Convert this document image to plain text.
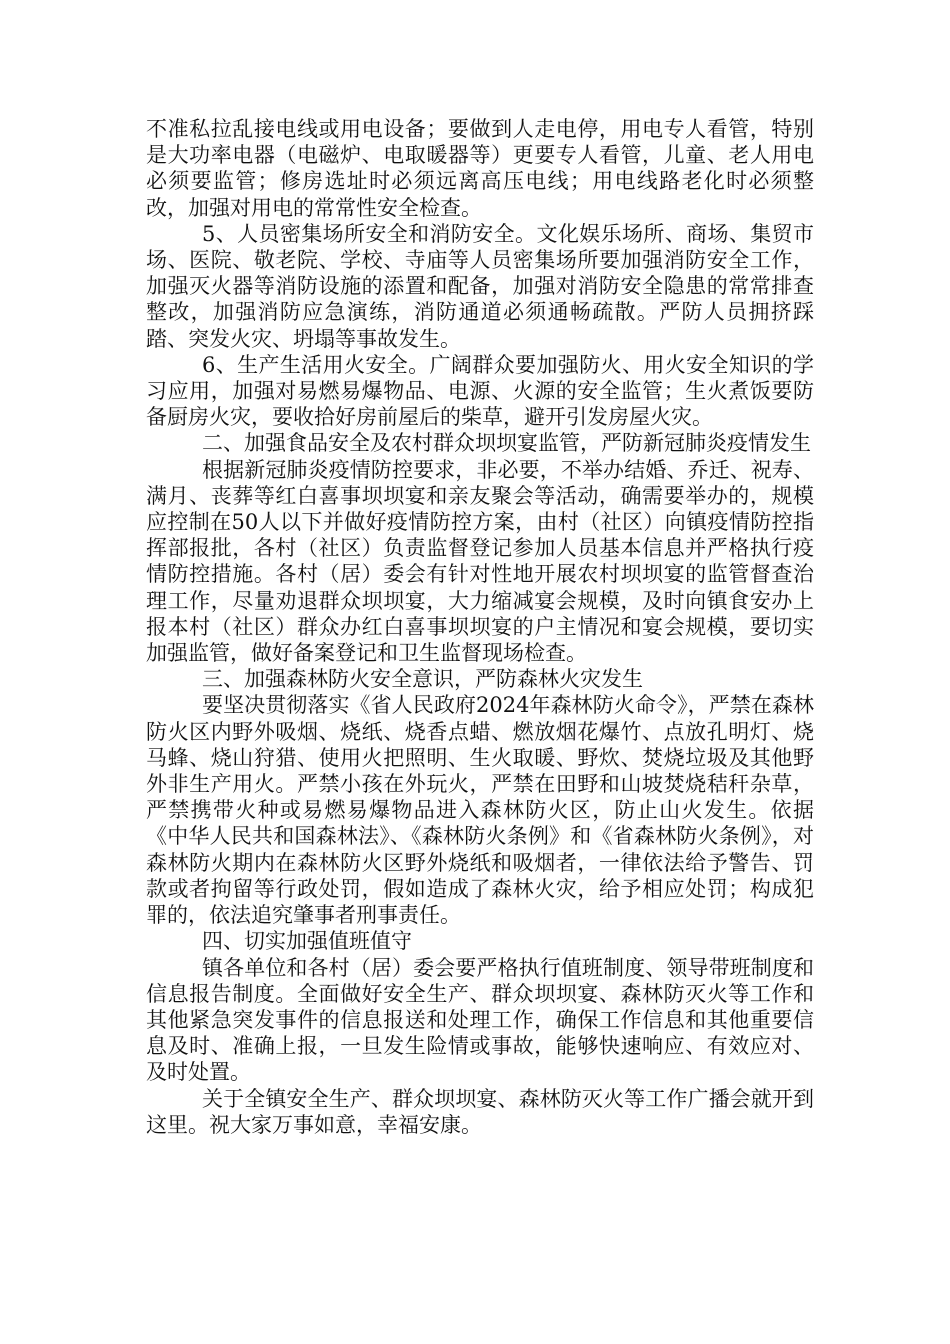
不准私拉乱接电线或用电设备；要做到人走电停，用电专人看管，特别是大功率电器（电磁炉、电取暖器等）更要专人看管，儿童、老人用电必须要监管；修房选址时必须远离高压电线；用电线路老化时必须整改，加强对用电的常常性安全检查。

5、人员密集场所安全和消防安全。文化娱乐场所、商场、集贸市场、医院、敬老院、学校、寺庙等人员密集场所要加强消防安全工作，加强灭火器等消防设施的添置和配备，加强对消防安全隐患的常常排查整改，加强消防应急演练，消防通道必须通畅疏散。严防人员拥挤踩踏、突发火灾、坍塌等事故发生。

6、生产生活用火安全。广阔群众要加强防火、用火安全知识的学习应用，加强对易燃易爆物品、电源、火源的安全监管；生火煮饭要防备厨房火灾，要收拾好房前屋后的柴草，避开引发房屋火灾。

二、加强食品安全及农村群众坝坝宴监管，严防新冠肺炎疫情发生

根据新冠肺炎疫情防控要求，非必要，不举办结婚、乔迁、祝寿、满月、丧葬等红白喜事坝坝宴和亲友聚会等活动，确需要举办的，规模应控制在50人以下并做好疫情防控方案，由村（社区）向镇疫情防控指挥部报批，各村（社区）负责监督登记参加人员基本信息并严格执行疫情防控措施。各村（居）委会有针对性地开展农村坝坝宴的监管督查治理工作，尽量劝退群众坝坝宴，大力缩减宴会规模，及时向镇食安办上报本村（社区）群众办红白喜事坝坝宴的户主情况和宴会规模，要切实加强监管，做好备案登记和卫生监督现场检查。

三、加强森林防火安全意识，严防森林火灾发生

要坚决贯彻落实《省人民政府2024年森林防火命令》，严禁在森林防火区内野外吸烟、烧纸、烧香点蜡、燃放烟花爆竹、点放孔明灯、烧马蜂、烧山狩猎、使用火把照明、生火取暖、野炊、焚烧垃圾及其他野外非生产用火。严禁小孩在外玩火，严禁在田野和山坡焚烧秸秆杂草，严禁携带火种或易燃易爆物品进入森林防火区，防止山火发生。依据《中华人民共和国森林法》、《森林防火条例》和《省森林防火条例》，对森林防火期内在森林防火区野外烧纸和吸烟者，一律依法给予警告、罚款或者拘留等行政处罚，假如造成了森林火灾，给予相应处罚；构成犯罪的，依法追究肇事者刑事责任。

四、切实加强值班值守

镇各单位和各村（居）委会要严格执行值班制度、领导带班制度和信息报告制度。全面做好安全生产、群众坝坝宴、森林防灭火等工作和其他紧急突发事件的信息报送和处理工作，确保工作信息和其他重要信息及时、准确上报，一旦发生险情或事故，能够快速响应、有效应对、及时处置。

关于全镇安全生产、群众坝坝宴、森林防灭火等工作广播会就开到这里。祝大家万事如意，幸福安康。
